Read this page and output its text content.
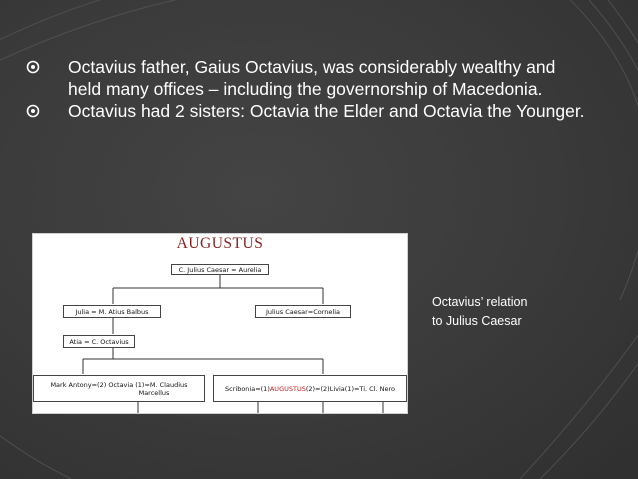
Octavius father, Gaius Octavius, was considerably wealthy and held many offices – including the governorship of Macedonia.
Octavius had 2 sisters: Octavia the Elder and Octavia the Younger.
AUGUSTUS
C. Julius Caesar = Aurelia
Julia = M. Atius Balbus	Julius Caesar=Cornelia
Atia = C. Octavius
Mark Antony=(2) Octavia (1)=M. Claudius
Marcellus	Scribonia=(1) AUGUSTUS (2)=(2)Livia(1)=Ti. Cl. Nero
Octavius’ relation
to Julius Caesar
